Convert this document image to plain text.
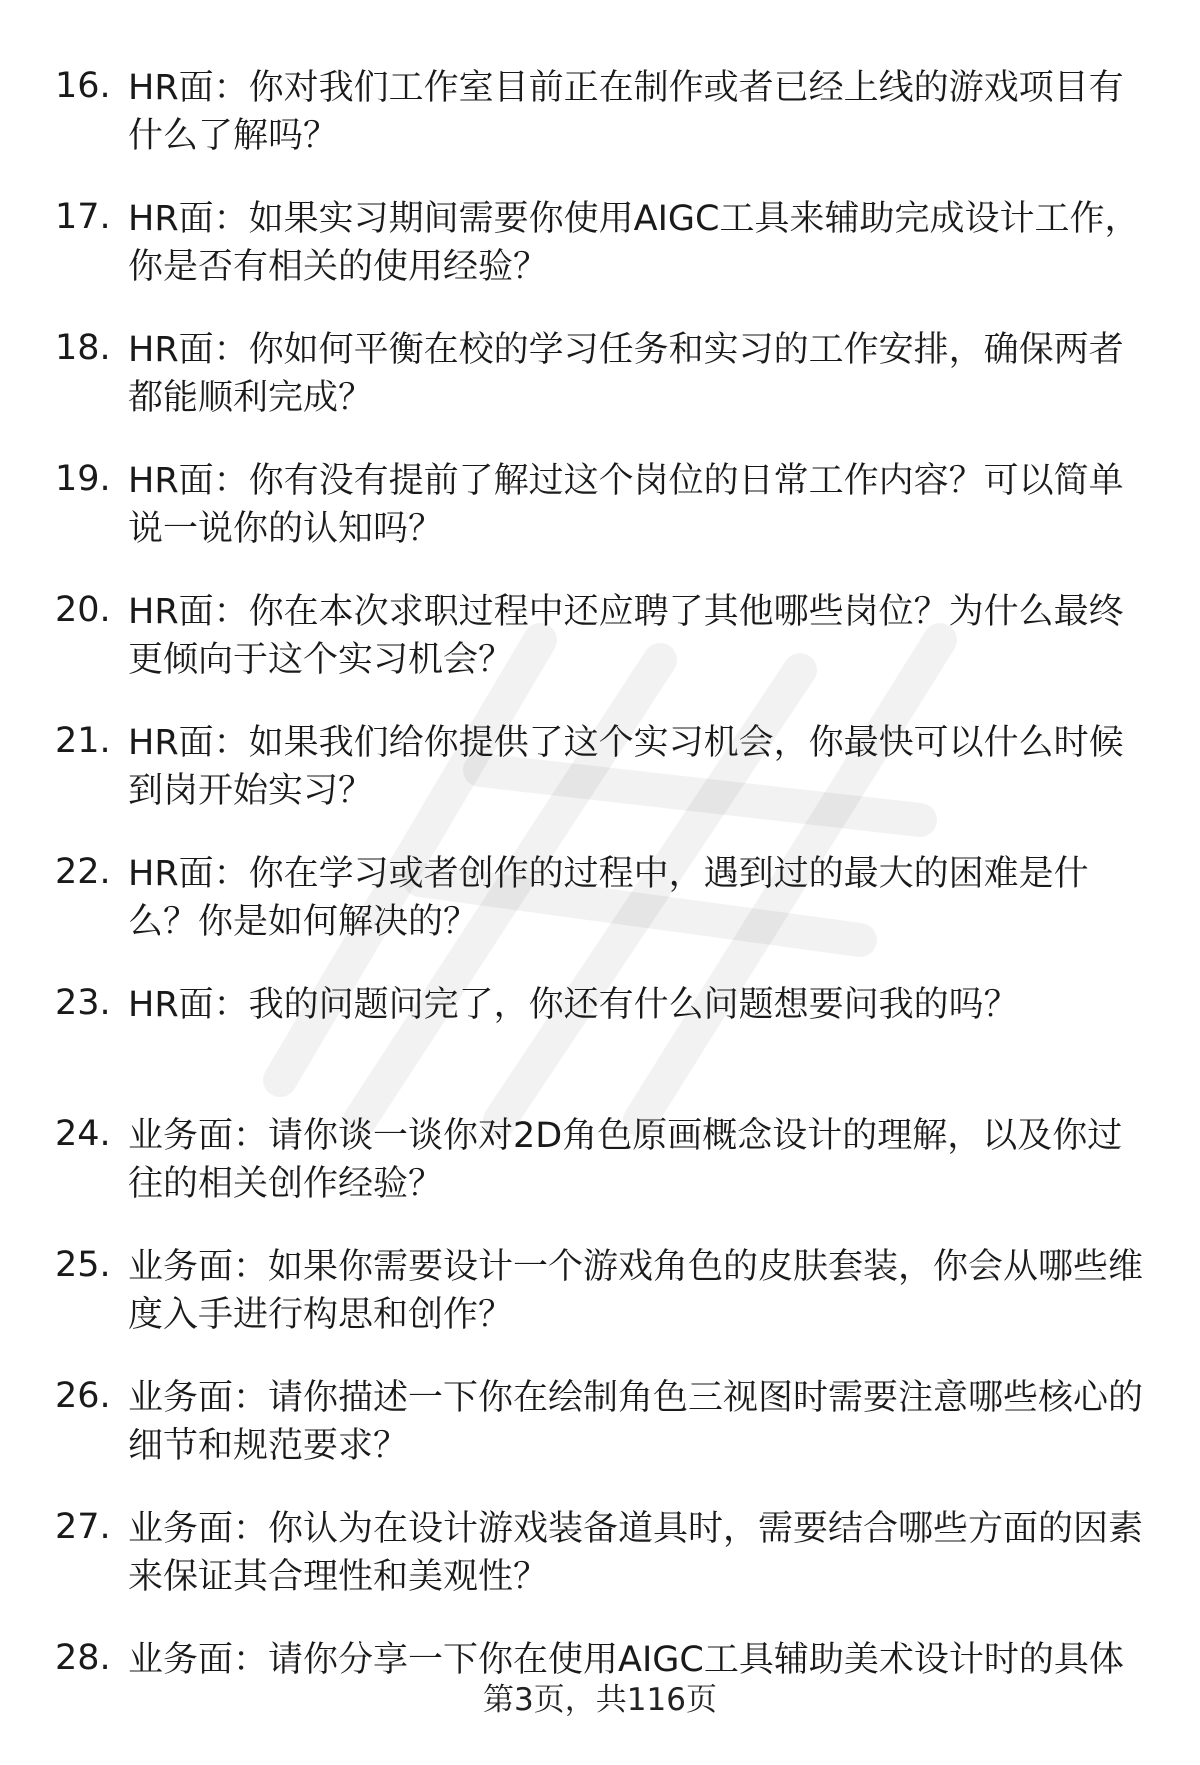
16. HR面：你对我们工作室目前正在制作或者已经上线的游戏项目有什么了解吗？
17. HR面：如果实习期间需要你使用AIGC工具来辅助完成设计工作，你是否有相关的使用经验？
18. HR面：你如何平衡在校的学习任务和实习的工作安排，确保两者都能顺利完成？
19. HR面：你有没有提前了解过这个岗位的日常工作内容？可以简单说一说你的认知吗？
20. HR面：你在本次求职过程中还应聘了其他哪些岗位？为什么最终更倾向于这个实习机会？
21. HR面：如果我们给你提供了这个实习机会，你最快可以什么时候到岗开始实习？
22. HR面：你在学习或者创作的过程中，遇到过的最大的困难是什么？你是如何解决的？
23. HR面：我的问题问完了，你还有什么问题想要问我的吗？
24. 业务面：请你谈一谈你对2D角色原画概念设计的理解，以及你过往的相关创作经验？
25. 业务面：如果你需要设计一个游戏角色的皮肤套装，你会从哪些维度入手进行构思和创作？
26. 业务面：请你描述一下你在绘制角色三视图时需要注意哪些核心的细节和规范要求？
27. 业务面：你认为在设计游戏装备道具时，需要结合哪些方面的因素来保证其合理性和美观性？
28. 业务面：请你分享一下你在使用AIGC工具辅助美术设计时的具体
第3页，共116页
